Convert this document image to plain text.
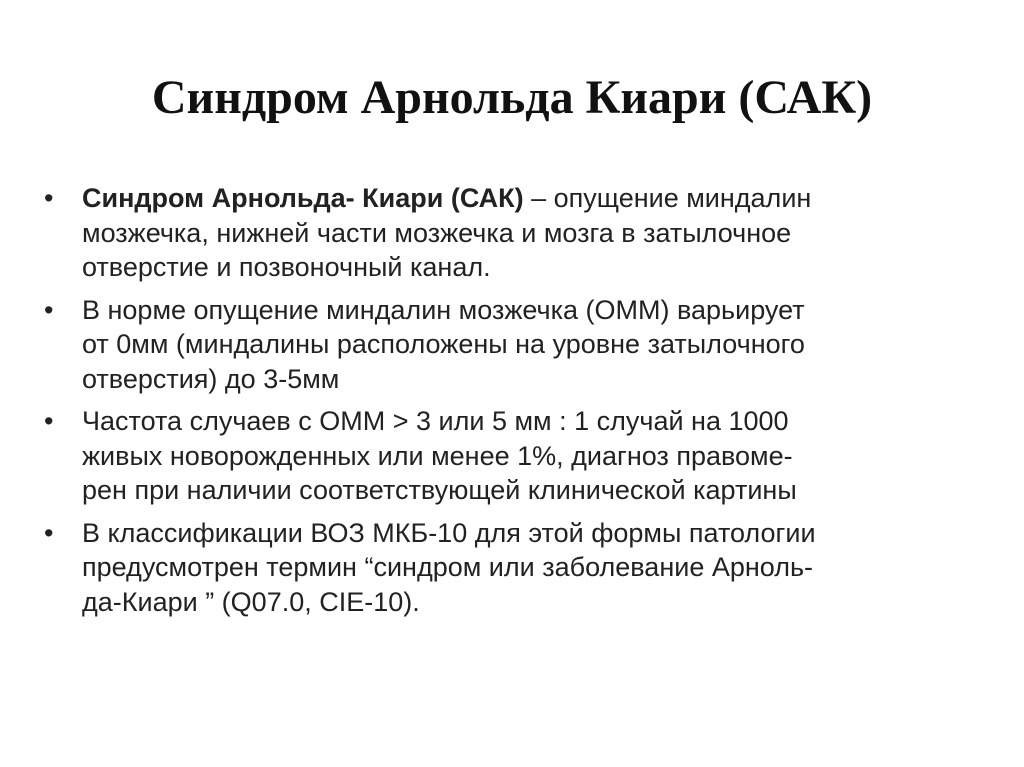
Синдром Арнольда Киари (САК)
•	Синдром Арнольда- Киари (САК) – опущение миндалин
мозжечка, нижней части мозжечка и мозга в затылочное
отверстие и позвоночный канал.
•	В норме опущение миндалин мозжечка (ОММ) варьирует
от 0мм (миндалины расположены на уровне затылочного
отверстия) до 3-5мм
•	Частота случаев с ОММ > 3 или 5 мм : 1 случай на 1000
живых новорожденных или менее 1%, диагноз правоме-
рен при наличии соответствующей клинической картины
•	В классификации ВОЗ МКБ-10 для этой формы патологии
предусмотрен термин “синдром или заболевание Арноль-
да-Киари ” (Q07.0, CIE-10).
